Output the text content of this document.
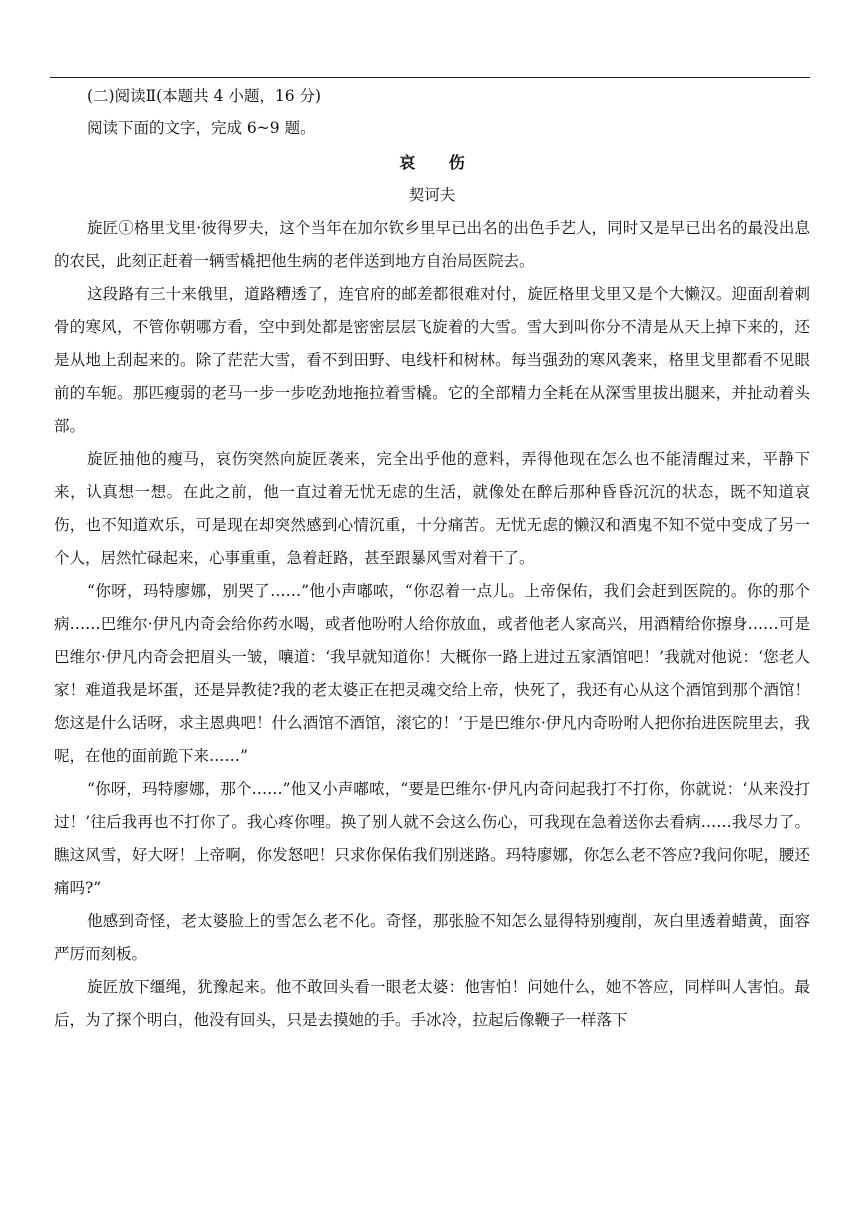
(二)阅读Ⅱ(本题共 4 小题，16 分)

阅读下面的文字，完成 6~9 题。

哀 伤

契诃夫

旋匠①格里戈里·彼得罗夫，这个当年在加尔钦乡里早已出名的出色手艺人，同时又是早已出名的最没出息的农民，此刻正赶着一辆雪橇把他生病的老伴送到地方自治局医院去。

这段路有三十来俄里，道路糟透了，连官府的邮差都很难对付，旋匠格里戈里又是个大懒汉。迎面刮着刺骨的寒风，不管你朝哪方看，空中到处都是密密层层飞旋着的大雪。雪大到叫你分不清是从天上掉下来的，还是从地上刮起来的。除了茫茫大雪，看不到田野、电线杆和树林。每当强劲的寒风袭来，格里戈里都看不见眼前的车轭。那匹瘦弱的老马一步一步吃劲地拖拉着雪橇。它的全部精力全耗在从深雪里拔出腿来，并扯动着头部。

旋匠抽他的瘦马，哀伤突然向旋匠袭来，完全出乎他的意料，弄得他现在怎么也不能清醒过来，平静下来，认真想一想。在此之前，他一直过着无忧无虑的生活，就像处在醉后那种昏昏沉沉的状态，既不知道哀伤，也不知道欢乐，可是现在却突然感到心情沉重，十分痛苦。无忧无虑的懒汉和酒鬼不知不觉中变成了另一个人，居然忙碌起来，心事重重，急着赶路，甚至跟暴风雪对着干了。

“你呀，玛特廖娜，别哭了……”他小声嘟哝，“你忍着一点儿。上帝保佑，我们会赶到医院的。你的那个病……巴维尔·伊凡内奇会给你药水喝，或者他吩咐人给你放血，或者他老人家高兴，用酒精给你擦身……可是巴维尔·伊凡内奇会把眉头一皱，嚷道：‘我早就知道你！大概你一路上进过五家酒馆吧！’我就对他说：‘您老人家！难道我是坏蛋，还是异教徒?我的老太婆正在把灵魂交给上帝，快死了，我还有心从这个酒馆到那个酒馆！您这是什么话呀，求主恩典吧！什么酒馆不酒馆，滚它的！’于是巴维尔·伊凡内奇吩咐人把你抬进医院里去，我呢，在他的面前跪下来……”

“你呀，玛特廖娜，那个……”他又小声嘟哝，“要是巴维尔·伊凡内奇问起我打不打你，你就说：‘从来没打过！’往后我再也不打你了。我心疼你哩。换了别人就不会这么伤心，可我现在急着送你去看病……我尽力了。瞧这风雪，好大呀！上帝啊，你发怒吧！只求你保佑我们别迷路。玛特廖娜，你怎么老不答应?我问你呢，腰还痛吗?”

他感到奇怪，老太婆脸上的雪怎么老不化。奇怪，那张脸不知怎么显得特别瘦削，灰白里透着蜡黄，面容严厉而刻板。

旋匠放下缰绳，犹豫起来。他不敢回头看一眼老太婆：他害怕！问她什么，她不答应，同样叫人害怕。最后，为了探个明白，他没有回头，只是去摸她的手。手冰冷，拉起后像鞭子一样落下
